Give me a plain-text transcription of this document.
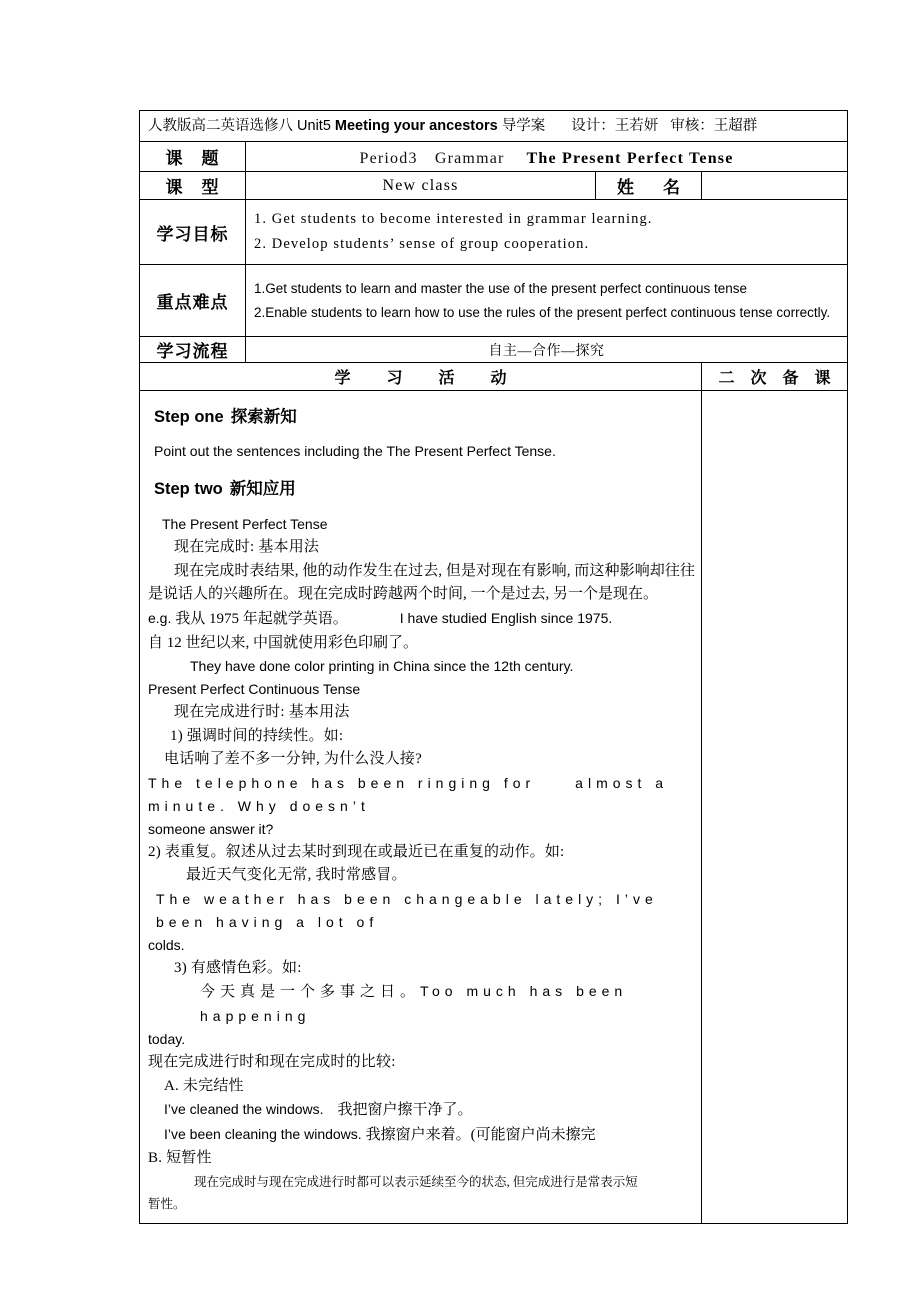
人教版高二英语选修八 Unit5 Meeting your ancestors 导学案 设计：王若妍 审核：王超群			
课　题	Period3　Grammar The Present Perfect Tense		
课　型	New class	姓　名	
学习目标	1. Get students to become interested in grammar learning.
2. Develop students’ sense of group cooperation.		

重点难点	1.Get students to learn and master the use of the present perfect continuous tense
2.Enable students to learn how to use the rules of the present perfect continuous tense correctly.		

学习流程	自主—合作—探究		
学　习　活　动			二 次 备 课

Step one 探索新知
Point out the sentences including the The Present Perfect Tense.
Step two 新知应用
The Present Perfect Tense
现在完成时: 基本用法
现在完成时表结果, 他的动作发生在过去, 但是对现在有影响, 而这种影响却往往是说话人的兴趣所在。现在完成时跨越两个时间, 一个是过去, 另一个是现在。
e.g. 我从 1975 年起就学英语。	I have studied English since 1975.
自 12 世纪以来, 中国就使用彩色印刷了。
They have done color printing in China since the 12th century.
Present Perfect Continuous Tense
现在完成进行时: 基本用法
1) 强调时间的持续性。如:
电话响了差不多一分钟, 为什么没人接?
The telephone has been ringing for	almost a minute. Why doesn’t
someone answer it?
2) 表重复。叙述从过去某时到现在或最近已在重复的动作。如:
最近天气变化无常, 我时常感冒。
The weather has been changeable lately; I’ve been having a lot of
colds.
3) 有感情色彩。如:
今天真是一个多事之日。Too much has been happening
today.
现在完成进行时和现在完成时的比较:
A. 未完结性
I’ve cleaned the windows. 我把窗户擦干净了。
I’ve been cleaning the windows. 我擦窗户来着。(可能窗户尚未擦完
B. 短暂性
现在完成时与现在完成进行时都可以表示延续至今的状态, 但完成进行是常表示短
暂性。
